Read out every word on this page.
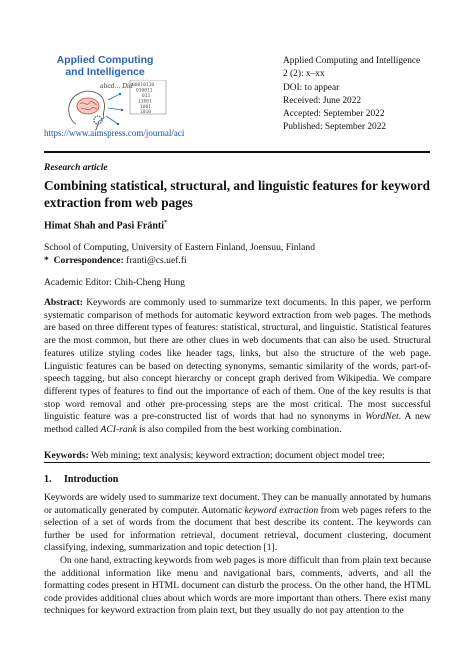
Applied Computing
and Intelligence
00010110
010011
011
11001
1001
1010
abcd... Did
https://www.aimspress.com/journal/aci
Applied Computing and Intelligence
2 (2): x–xx
DOI: to appear
Received: June 2022
Accepted: September 2022
Published: September 2022
Research article
Combining statistical, structural, and linguistic features for keyword extraction from web pages
Himat Shah and Pasi Fränti*
School of Computing, University of Eastern Finland, Joensuu, Finland
* Correspondence: franti@cs.uef.fi
Academic Editor: Chih-Cheng Hung
Abstract: Keywords are commonly used to summarize text documents. In this paper, we perform systematic comparison of methods for automatic keyword extraction from web pages. The methods are based on three different types of features: statistical, structural, and linguistic. Statistical features are the most common, but there are other clues in web documents that can also be used. Structural features utilize styling codes like header tags, links, but also the structure of the web page. Linguistic features can be based on detecting synonyms, semantic similarity of the words, part-of-speech tagging, but also concept hierarchy or concept graph derived from Wikipedia. We compare different types of features to find out the importance of each of them. One of the key results is that stop word removal and other pre-processing steps are the most critical. The most successful linguistic feature was a pre-constructed list of words that had no synonyms in WordNet. A new method called ACI-rank is also compiled from the best working combination.
Keywords: Web mining; text analysis; keyword extraction; document object model tree;
1. Introduction

Keywords are widely used to summarize text document. They can be manually annotated by humans or automatically generated by computer. Automatic keyword extraction from web pages refers to the selection of a set of words from the document that best describe its content. The keywords can further be used for information retrieval, document retrieval, document clustering, document classifying, indexing, summarization and topic detection [1].

On one hand, extracting keywords from web pages is more difficult than from plain text because the additional information like menu and navigational bars, comments, adverts, and all the formatting codes present in HTML document can disturb the process. On the other hand, the HTML code provides additional clues about which words are more important than others. There exist many techniques for keyword extraction from plain text, but they usually do not pay attention to the
